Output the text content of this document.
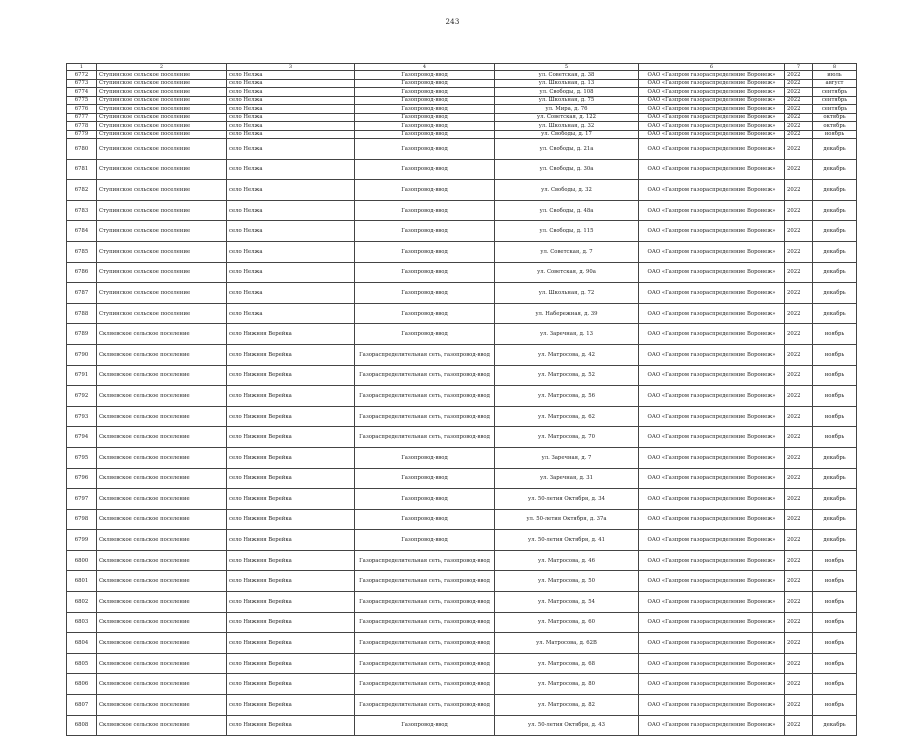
243
1	2	3	4	5	6	7	8
6772	Ступинское сельское поселение	село Нелжа	Газопровод-ввод	ул. Советская, д. 38	ОАО «Газпром газораспределение Воронеж»	2022	июль
6773	Ступинское сельское поселение	село Нелжа	Газопровод-ввод	ул. Школьная, д. 13	ОАО «Газпром газораспределение Воронеж»	2022	август
6774	Ступинское сельское поселение	село Нелжа	Газопровод-ввод	ул. Свободы, д. 108	ОАО «Газпром газораспределение Воронеж»	2022	сентябрь
6775	Ступинское сельское поселение	село Нелжа	Газопровод-ввод	ул. Школьная, д. 75	ОАО «Газпром газораспределение Воронеж»	2022	сентябрь
6776	Ступинское сельское поселение	село Нелжа	Газопровод-ввод	ул. Мира, д. 76	ОАО «Газпром газораспределение Воронеж»	2022	сентябрь
6777	Ступинское сельское поселение	село Нелжа	Газопровод-ввод	ул. Советская, д. 122	ОАО «Газпром газораспределение Воронеж»	2022	октябрь
6778	Ступинское сельское поселение	село Нелжа	Газопровод-ввод	ул. Школьная, д. 32	ОАО «Газпром газораспределение Воронеж»	2022	октябрь
6779	Ступинское сельское поселение	село Нелжа	Газопровод-ввод	ул. Свободы, д. 17	ОАО «Газпром газораспределение Воронеж»	2022	ноябрь
6780	Ступинское сельское поселение	село Нелжа	Газопровод-ввод	ул. Свободы, д. 21а	ОАО «Газпром газораспределение Воронеж»	2022	декабрь
6781	Ступинское сельское поселение	село Нелжа	Газопровод-ввод	ул. Свободы, д. 30а	ОАО «Газпром газораспределение Воронеж»	2022	декабрь
6782	Ступинское сельское поселение	село Нелжа	Газопровод-ввод	ул. Свободы, д. 32	ОАО «Газпром газораспределение Воронеж»	2022	декабрь
6783	Ступинское сельское поселение	село Нелжа	Газопровод-ввод	ул. Свободы, д. 48а	ОАО «Газпром газораспределение Воронеж»	2022	декабрь
6784	Ступинское сельское поселение	село Нелжа	Газопровод-ввод	ул. Свободы, д. 115	ОАО «Газпром газораспределение Воронеж»	2022	декабрь
6785	Ступинское сельское поселение	село Нелжа	Газопровод-ввод	ул. Советская, д. 7	ОАО «Газпром газораспределение Воронеж»	2022	декабрь
6786	Ступинское сельское поселение	село Нелжа	Газопровод-ввод	ул. Советская, д. 90а	ОАО «Газпром газораспределение Воронеж»	2022	декабрь
6787	Ступинское сельское поселение	село Нелжа	Газопровод-ввод	ул. Школьная, д. 72	ОАО «Газпром газораспределение Воронеж»	2022	декабрь
6788	Ступинское сельское поселение	село Нелжа	Газопровод-ввод	ул. Набережная, д. 39	ОАО «Газпром газораспределение Воронеж»	2022	декабрь
6789	Скляевское сельское поселение	село Нижняя Верейка	Газопровод-ввод	ул. Заречная, д. 13	ОАО «Газпром газораспределение Воронеж»	2022	ноябрь
6790	Скляевское сельское поселение	село Нижняя Верейка	Газораспределительная сеть, газопровод-ввод	ул. Матросова, д. 42	ОАО «Газпром газораспределение Воронеж»	2022	ноябрь
6791	Скляевское сельское поселение	село Нижняя Верейка	Газораспределительная сеть, газопровод-ввод	ул. Матросова, д. 52	ОАО «Газпром газораспределение Воронеж»	2022	ноябрь
6792	Скляевское сельское поселение	село Нижняя Верейка	Газораспределительная сеть, газопровод-ввод	ул. Матросова, д. 56	ОАО «Газпром газораспределение Воронеж»	2022	ноябрь
6793	Скляевское сельское поселение	село Нижняя Верейка	Газораспределительная сеть, газопровод-ввод	ул. Матросова, д. 62	ОАО «Газпром газораспределение Воронеж»	2022	ноябрь
6794	Скляевское сельское поселение	село Нижняя Верейка	Газораспределительная сеть, газопровод-ввод	ул. Матросова, д. 70	ОАО «Газпром газораспределение Воронеж»	2022	ноябрь
6795	Скляевское сельское поселение	село Нижняя Верейка	Газопровод-ввод	ул. Заречная, д. 7	ОАО «Газпром газораспределение Воронеж»	2022	декабрь
6796	Скляевское сельское поселение	село Нижняя Верейка	Газопровод-ввод	ул. Заречная, д. 31	ОАО «Газпром газораспределение Воронеж»	2022	декабрь
6797	Скляевское сельское поселение	село Нижняя Верейка	Газопровод-ввод	ул. 50-летия Октября, д. 34	ОАО «Газпром газораспределение Воронеж»	2022	декабрь
6798	Скляевское сельское поселение	село Нижняя Верейка	Газопровод-ввод	ул. 50-летия Октября, д. 37а	ОАО «Газпром газораспределение Воронеж»	2022	декабрь
6799	Скляевское сельское поселение	село Нижняя Верейка	Газопровод-ввод	ул. 50-летия Октября, д. 41	ОАО «Газпром газораспределение Воронеж»	2022	декабрь
6800	Скляевское сельское поселение	село Нижняя Верейка	Газораспределительная сеть, газопровод-ввод	ул. Матросова, д. 46	ОАО «Газпром газораспределение Воронеж»	2022	ноябрь
6801	Скляевское сельское поселение	село Нижняя Верейка	Газораспределительная сеть, газопровод-ввод	ул. Матросова, д. 50	ОАО «Газпром газораспределение Воронеж»	2022	ноябрь
6802	Скляевское сельское поселение	село Нижняя Верейка	Газораспределительная сеть, газопровод-ввод	ул. Матросова, д. 54	ОАО «Газпром газораспределение Воронеж»	2022	ноябрь
6803	Скляевское сельское поселение	село Нижняя Верейка	Газораспределительная сеть, газопровод-ввод	ул. Матросова, д. 60	ОАО «Газпром газораспределение Воронеж»	2022	ноябрь
6804	Скляевское сельское поселение	село Нижняя Верейка	Газораспределительная сеть, газопровод-ввод	ул. Матросова, д. 62В	ОАО «Газпром газораспределение Воронеж»	2022	ноябрь
6805	Скляевское сельское поселение	село Нижняя Верейка	Газораспределительная сеть, газопровод-ввод	ул. Матросова, д. 68	ОАО «Газпром газораспределение Воронеж»	2022	ноябрь
6806	Скляевское сельское поселение	село Нижняя Верейка	Газораспределительная сеть, газопровод-ввод	ул. Матросова, д. 80	ОАО «Газпром газораспределение Воронеж»	2022	ноябрь
6807	Скляевское сельское поселение	село Нижняя Верейка	Газораспределительная сеть, газопровод-ввод	ул. Матросова, д. 82	ОАО «Газпром газораспределение Воронеж»	2022	ноябрь
6808	Скляевское сельское поселение	село Нижняя Верейка	Газопровод-ввод	ул. 50-летия Октября, д. 43	ОАО «Газпром газораспределение Воронеж»	2022	декабрь
